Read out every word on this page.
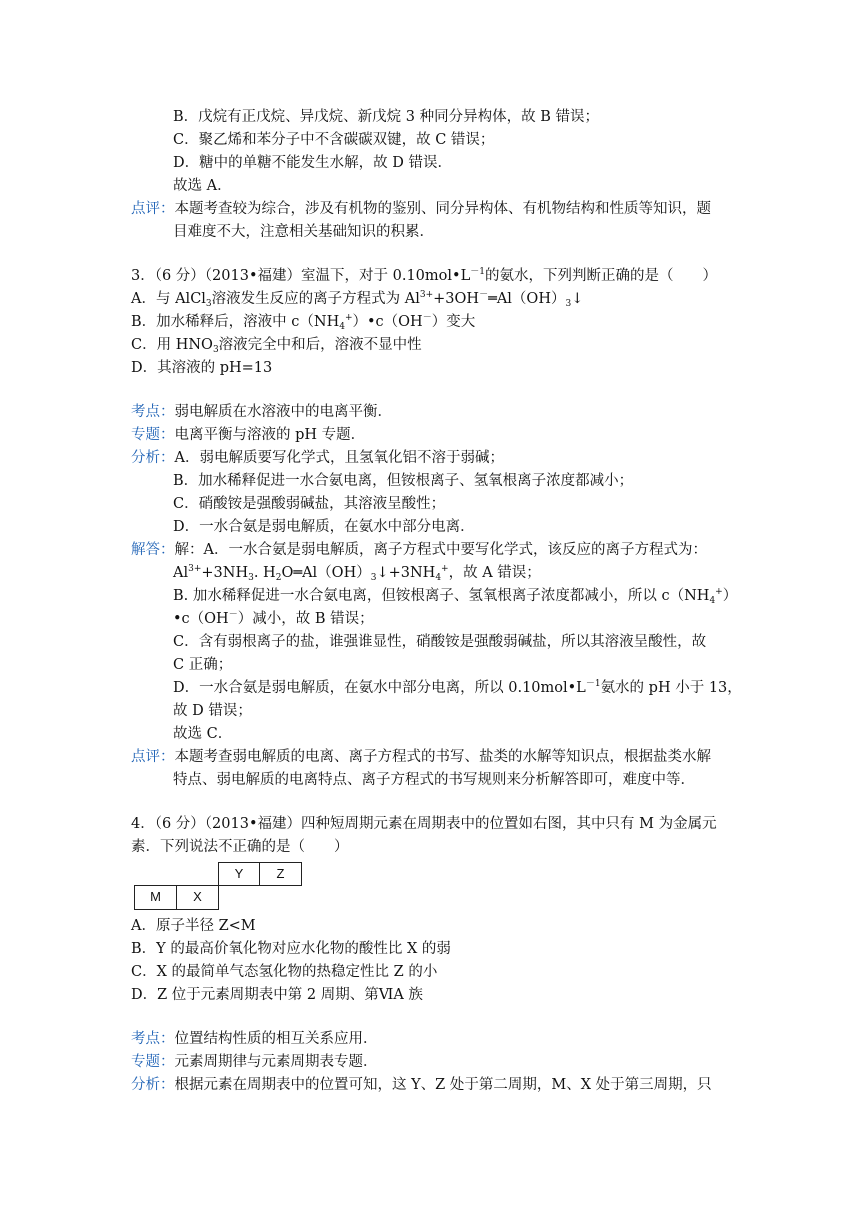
B．戊烷有正戊烷、异戊烷、新戊烷 3 种同分异构体，故 B 错误；
C．聚乙烯和苯分子中不含碳碳双键，故 C 错误；
D．糖中的单糖不能发生水解，故 D 错误．
故选 A．
点评：本题考查较为综合，涉及有机物的鉴别、同分异构体、有机物结构和性质等知识，题
目难度不大，注意相关基础知识的积累．
3．（6 分）（2013•福建）室温下，对于 $0.10mol•L^{-1}$的氨水，下列判断正确的是（　　）
A．与 AlCl$_3$溶液发生反应的离子方程式为 $Al^{3+}+3OH^-═Al(OH)_3↓$
B．加水稀释后，溶液中 $c(NH_4^+)•c(OH^-)$变大
C．用 $HNO_3$溶液完全中和后，溶液不显中性
D．其溶液的 pH=13
考点：弱电解质在水溶液中的电离平衡．
专题：电离平衡与溶液的 pH 专题．
分析：A．弱电解质要写化学式，且氢氧化铝不溶于弱碱；
B．加水稀释促进一水合氨电离，但铵根离子、氢氧根离子浓度都减小；
C．硝酸铵是强酸弱碱盐，其溶液呈酸性；
D．一水合氨是弱电解质，在氨水中部分电离．
解答：解：A．一水合氨是弱电解质，离子方程式中要写化学式，该反应的离子方程式为：
$Al^{3+}+3NH_3$. $H_2O═Al(OH)_3↓+3NH_4^+$，故 A 错误；
B. 加水稀释促进一水合氨电离，但铵根离子、氢氧根离子浓度都减小，所以 $c(NH_4^+)$
•c（OH－）减小，故 B 错误；
C．含有弱根离子的盐，谁强谁显性，硝酸铵是强酸弱碱盐，所以其溶液呈酸性，故
C 正确；
D．一水合氨是弱电解质，在氨水中部分电离，所以 $0.10mol•L^{-1}$氨水的 pH 小于 13，
故 D 错误；
故选 C．
点评：本题考查弱电解质的电离、离子方程式的书写、盐类的水解等知识点，根据盐类水解
特点、弱电解质的电离特点、离子方程式的书写规则来分析解答即可，难度中等．
4．（6 分）（2013•福建）四种短周期元素在周期表中的位置如右图，其中只有 M 为金属元
素．下列说法不正确的是（　　）
Y	Z
M	X
A．原子半径 Z<M
B．Y 的最高价氧化物对应水化物的酸性比 X 的弱
C．X 的最简单气态氢化物的热稳定性比 Z 的小
D．Z 位于元素周期表中第 2 周期、第ⅥA 族
考点：位置结构性质的相互关系应用．
专题：元素周期律与元素周期表专题．
分析：根据元素在周期表中的位置可知，这 Y、Z 处于第二周期，M、X 处于第三周期，只
